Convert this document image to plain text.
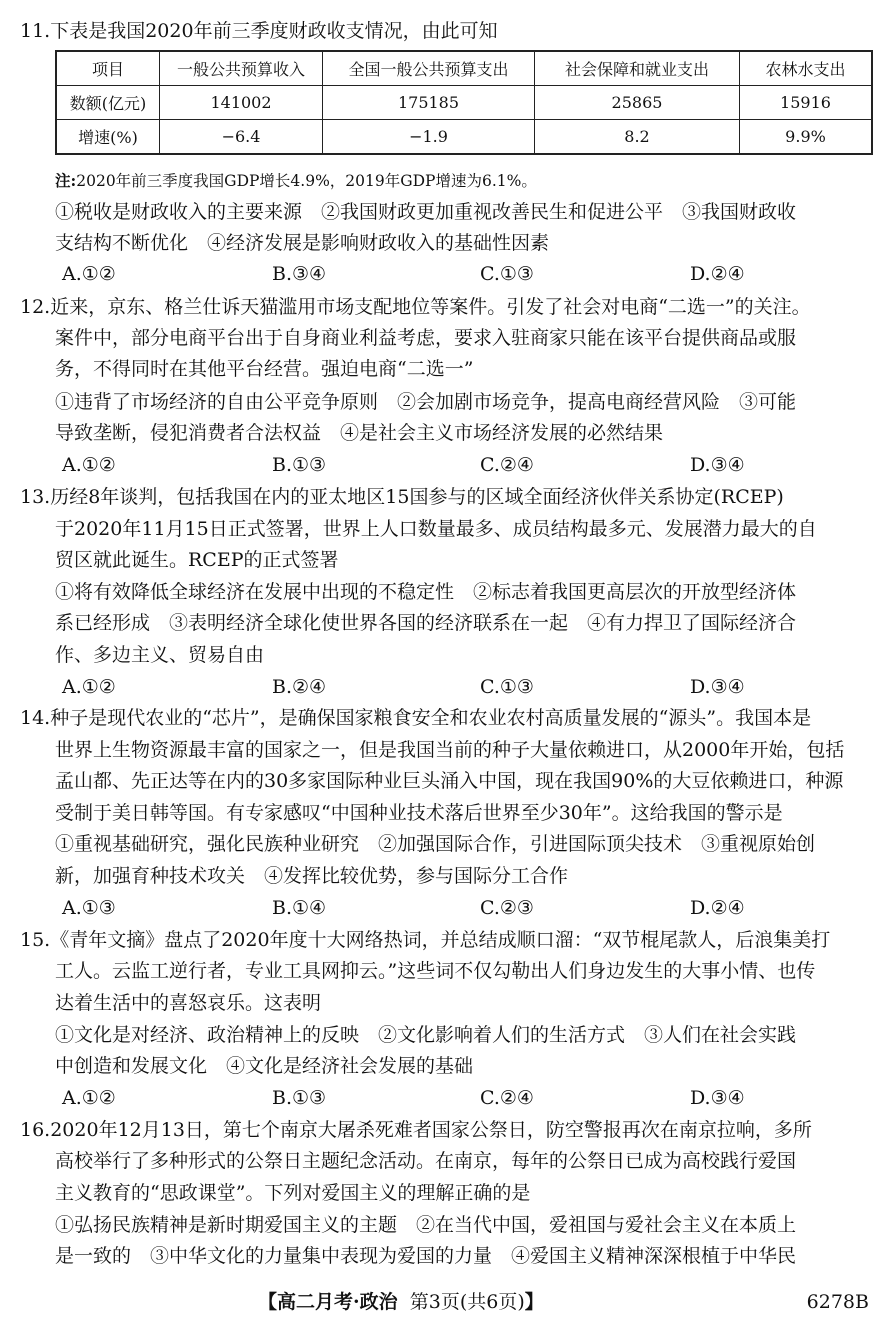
11.下表是我国2020年前三季度财政收支情况，由此可知
项目	一般公共预算收入	全国一般公共预算支出	社会保障和就业支出	农林水支出
数额(亿元)	141002	175185	25865	15916
增速(%)	−6.4	−1.9	8.2	9.9%
注:2020年前三季度我国GDP增长4.9%，2019年GDP增速为6.1%。
①税收是财政收入的主要来源　②我国财政更加重视改善民生和促进公平　③我国财政收
支结构不断优化　④经济发展是影响财政收入的基础性因素
A.①②	B.③④	C.①③	D.②④
12.近来，京东、格兰仕诉天猫滥用市场支配地位等案件。引发了社会对电商“二选一”的关注。
案件中，部分电商平台出于自身商业利益考虑，要求入驻商家只能在该平台提供商品或服
务，不得同时在其他平台经营。强迫电商“二选一”
①违背了市场经济的自由公平竞争原则　②会加剧市场竞争，提高电商经营风险　③可能
导致垄断，侵犯消费者合法权益　④是社会主义市场经济发展的必然结果
A.①②	B.①③	C.②④	D.③④
13.历经8年谈判，包括我国在内的亚太地区15国参与的区域全面经济伙伴关系协定(RCEP)
于2020年11月15日正式签署，世界上人口数量最多、成员结构最多元、发展潜力最大的自
贸区就此诞生。RCEP的正式签署
①将有效降低全球经济在发展中出现的不稳定性　②标志着我国更高层次的开放型经济体
系已经形成　③表明经济全球化使世界各国的经济联系在一起　④有力捍卫了国际经济合
作、多边主义、贸易自由
A.①②	B.②④	C.①③	D.③④
14.种子是现代农业的“芯片”，是确保国家粮食安全和农业农村高质量发展的“源头”。我国本是
世界上生物资源最丰富的国家之一，但是我国当前的种子大量依赖进口，从2000年开始，包括
孟山都、先正达等在内的30多家国际种业巨头涌入中国，现在我国90%的大豆依赖进口，种源
受制于美日韩等国。有专家感叹“中国种业技术落后世界至少30年”。这给我国的警示是
①重视基础研究，强化民族种业研究　②加强国际合作，引进国际顶尖技术　③重视原始创
新，加强育种技术攻关　④发挥比较优势，参与国际分工合作
A.①③	B.①④	C.②③	D.②④
15.《青年文摘》盘点了2020年度十大网络热词，并总结成顺口溜：“双节棍尾款人，后浪集美打
工人。云监工逆行者，专业工具网抑云。”这些词不仅勾勒出人们身边发生的大事小情、也传
达着生活中的喜怒哀乐。这表明
①文化是对经济、政治精神上的反映　②文化影响着人们的生活方式　③人们在社会实践
中创造和发展文化　④文化是经济社会发展的基础
A.①②	B.①③	C.②④	D.③④
16.2020年12月13日，第七个南京大屠杀死难者国家公祭日，防空警报再次在南京拉响，多所
高校举行了多种形式的公祭日主题纪念活动。在南京，每年的公祭日已成为高校践行爱国
主义教育的“思政课堂”。下列对爱国主义的理解正确的是
①弘扬民族精神是新时期爱国主义的主题　②在当代中国，爱祖国与爱社会主义在本质上
是一致的　③中华文化的力量集中表现为爱国的力量　④爱国主义精神深深根植于中华民
【高二月考·政治 第3页(共6页)】	6278B
